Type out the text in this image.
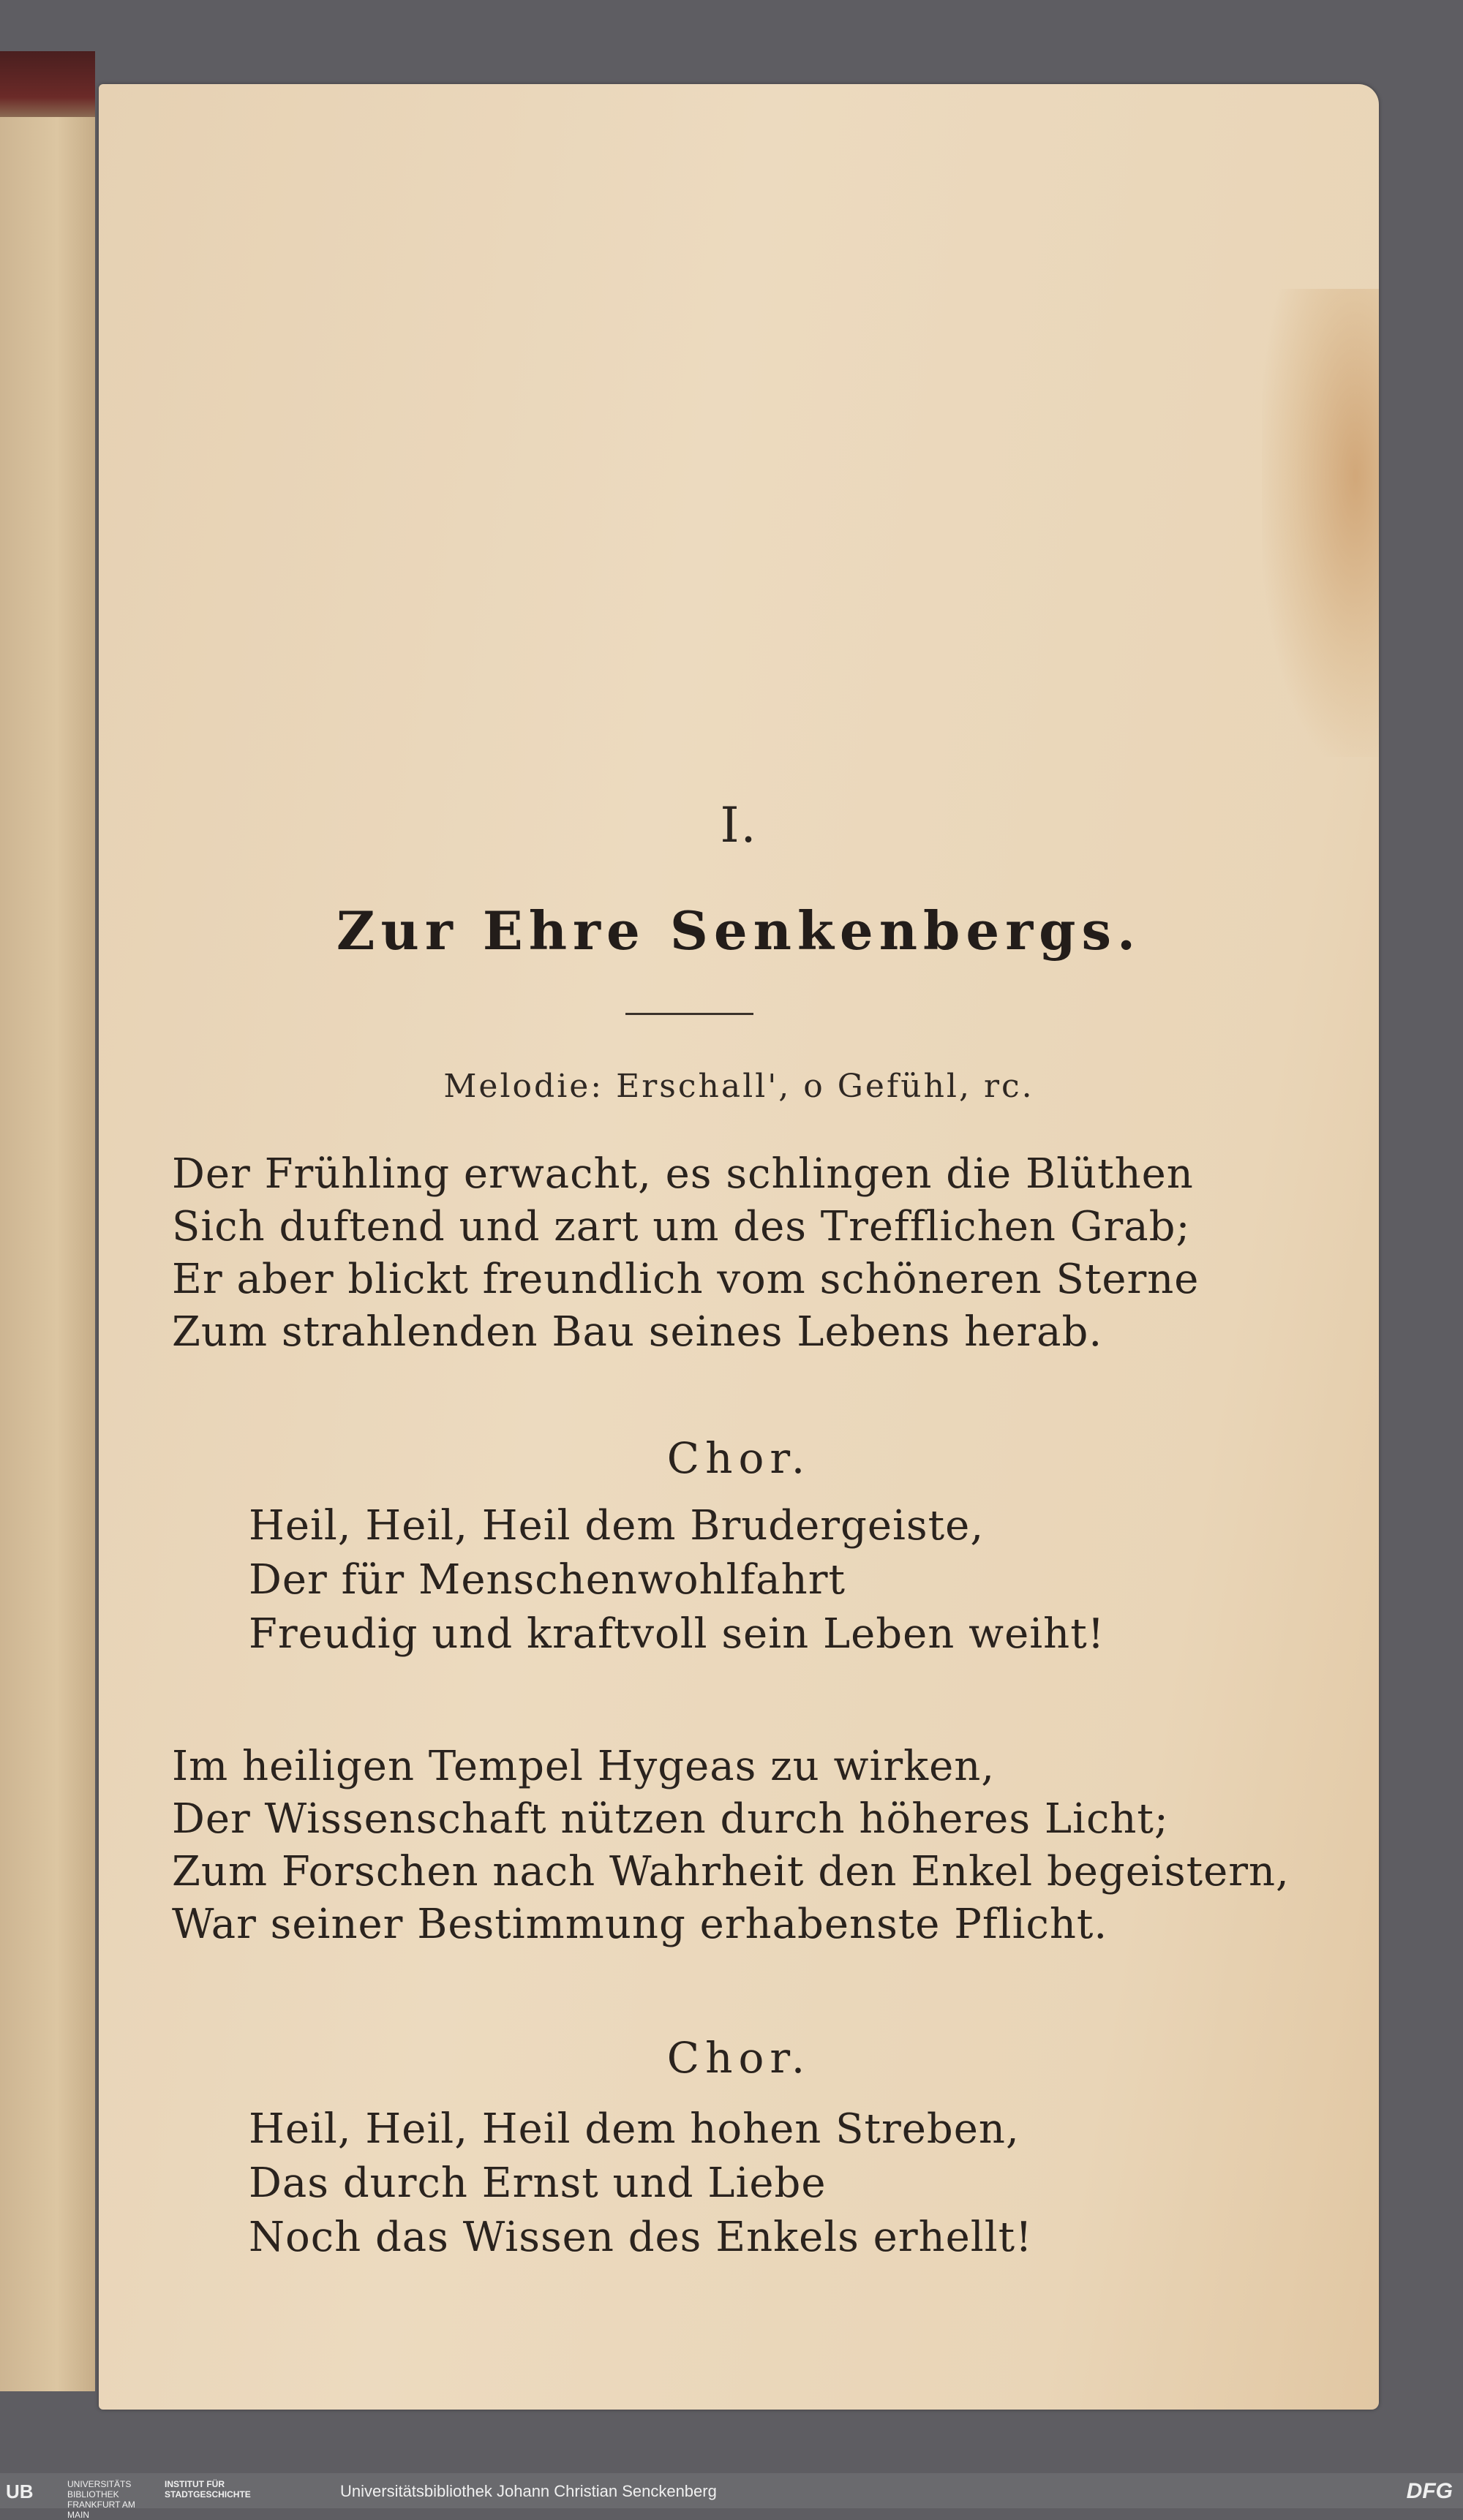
I.
Zur Ehre Senkenbergs.
Melodie: Erschall', o Gefühl, rc.
Der Frühling erwacht, es schlingen die Blüthen
Sich duftend und zart um des Trefflichen Grab;
Er aber blickt freundlich vom schöneren Sterne
Zum strahlenden Bau seines Lebens herab.
Chor.
Heil, Heil, Heil dem Brudergeiste,
Der für Menschenwohlfahrt
Freudig und kraftvoll sein Leben weiht!
Im heiligen Tempel Hygeas zu wirken,
Der Wissenschaft nützen durch höheres Licht;
Zum Forschen nach Wahrheit den Enkel begeistern,
War seiner Bestimmung erhabenste Pflicht.
Chor.
Heil, Heil, Heil dem hohen Streben,
Das durch Ernst und Liebe
Noch das Wissen des Enkels erhellt!
UB	UNIVERSITÄTS BIBLIOTHEK FRANKFURT AM MAIN
INSTITUT FÜR STADTGESCHICHTE	Universitätsbibliothek Johann Christian Senckenberg	DFG
